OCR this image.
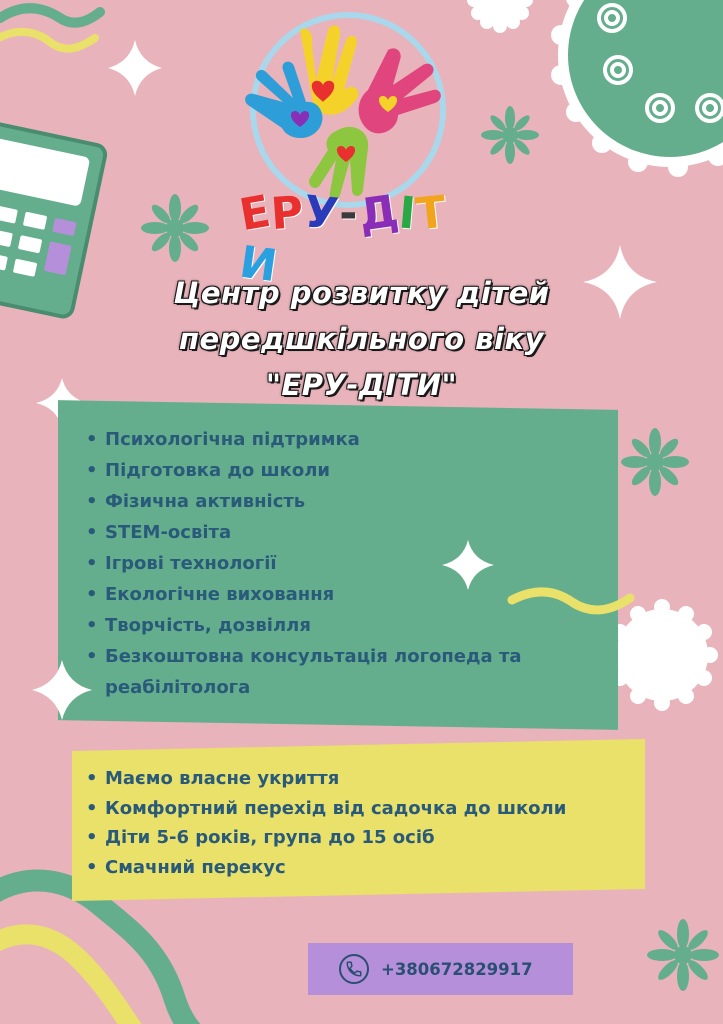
ЕРУ-ДІТИ
Центр розвитку дітей
передшкільного віку
"ЕРУ-ДІТИ"
• Психологічна підтримка
• Підготовка до школи
• Фізична активність
• STEM-освіта
• Ігрові технології
• Екологічне виховання
• Творчість, дозвілля
• Безкоштовна консультація логопеда та реабілітолога
• Маємо власне укриття
• Комфортний перехід від садочка до школи
• Діти 5-6 років, група до 15 осіб
• Смачний перекус
+380672829917
